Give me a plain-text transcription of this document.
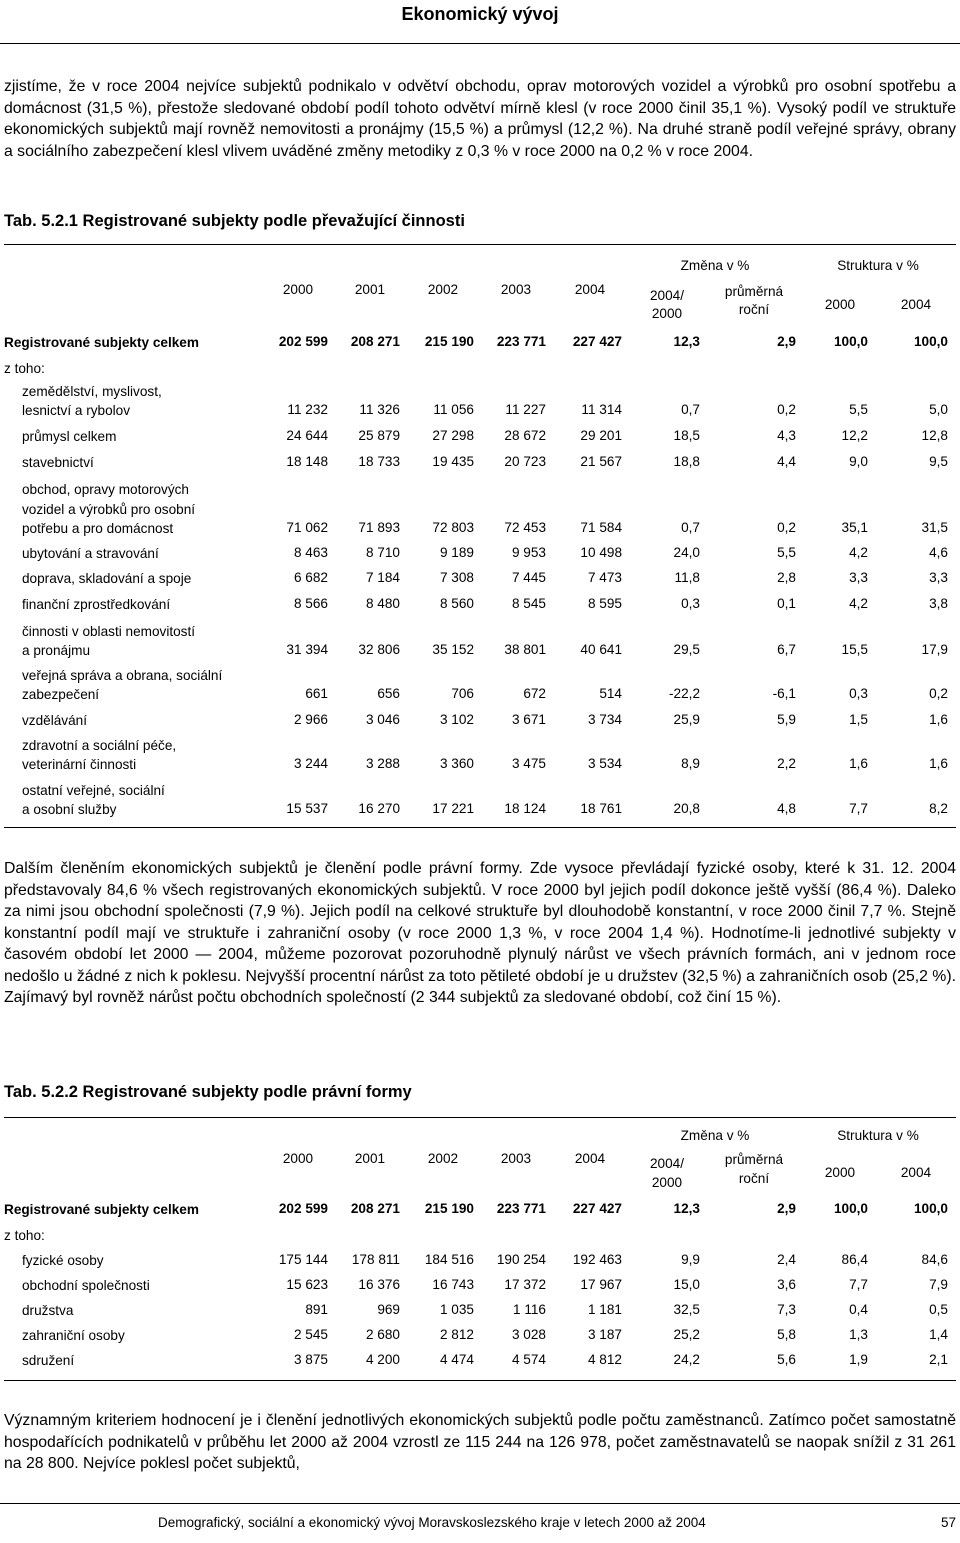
Ekonomický vývoj
zjistíme, že v roce 2004 nejvíce subjektů podnikalo v odvětví obchodu, oprav motorových vozidel a výrobků pro osobní spotřebu a domácnost (31,5 %), přestože sledované období podíl tohoto odvětví mírně klesl (v roce 2000 činil 35,1 %). Vysoký podíl ve struktuře ekonomických subjektů mají rovněž nemovitosti a pronájmy (15,5 %) a průmysl (12,2 %). Na druhé straně podíl veřejné správy, obrany a sociálního zabezpečení klesl vlivem uváděné změny metodiky z 0,3 % v roce 2000 na 0,2 % v roce 2004.
Tab. 5.2.1 Registrované subjekty podle převažující činnosti
2000	2001	2002	2003	2004
Změna v %	Struktura v %
2004/
2000
průměrná
roční	2000	2004
Registrované subjekty celkem	202 599	208 271	215 190	223 771	227 427	12,3	2,9	100,0	100,0
z toho:
zemědělství, myslivost,
lesnictví a rybolov	11 232	11 326	11 056	11 227	11 314	0,7	0,2	5,5	5,0
průmysl celkem	24 644	25 879	27 298	28 672	29 201	18,5	4,3	12,2	12,8
stavebnictví	18 148	18 733	19 435	20 723	21 567	18,8	4,4	9,0	9,5
obchod, opravy motorových
vozidel a výrobků pro osobní
potřebu a pro domácnost	71 062	71 893	72 803	72 453	71 584	0,7	0,2	35,1	31,5
ubytování a stravování	8 463	8 710	9 189	9 953	10 498	24,0	5,5	4,2	4,6
doprava, skladování a spoje	6 682	7 184	7 308	7 445	7 473	11,8	2,8	3,3	3,3
finanční zprostředkování	8 566	8 480	8 560	8 545	8 595	0,3	0,1	4,2	3,8
činnosti v oblasti nemovitostí
a pronájmu	31 394	32 806	35 152	38 801	40 641	29,5	6,7	15,5	17,9
veřejná správa a obrana, sociální
zabezpečení	661	656	706	672	514	-22,2	-6,1	0,3	0,2
vzdělávání	2 966	3 046	3 102	3 671	3 734	25,9	5,9	1,5	1,6
zdravotní a sociální péče,
veterinární činnosti	3 244	3 288	3 360	3 475	3 534	8,9	2,2	1,6	1,6
ostatní veřejné, sociální
a osobní služby	15 537	16 270	17 221	18 124	18 761	20,8	4,8	7,7	8,2
Dalším členěním ekonomických subjektů je členění podle právní formy. Zde vysoce převládají fyzické osoby, které k 31. 12. 2004 představovaly 84,6 % všech registrovaných ekonomických subjektů. V roce 2000 byl jejich podíl dokonce ještě vyšší (86,4 %). Daleko za nimi jsou obchodní společnosti (7,9 %). Jejich podíl na celkové struktuře byl dlouhodobě konstantní, v roce 2000 činil 7,7 %. Stejně konstantní podíl mají ve struktuře i zahraniční osoby (v roce 2000 1,3 %, v roce 2004 1,4 %). Hodnotíme-li jednotlivé subjekty v časovém období let 2000 — 2004, můžeme pozorovat pozoruhodně plynulý nárůst ve všech právních formách, ani v jednom roce nedošlo u žádné z nich k poklesu. Nejvyšší procentní nárůst za toto pětileté období je u družstev (32,5 %) a zahraničních osob (25,2 %). Zajímavý byl rovněž nárůst počtu obchodních společností (2 344 subjektů za sledované období, což činí 15 %).
Tab. 5.2.2 Registrované subjekty podle právní formy
2000	2001	2002	2003	2004
Změna v %	Struktura v %
2004/
2000
průměrná
roční	2000	2004
Registrované subjekty celkem	202 599	208 271	215 190	223 771	227 427	12,3	2,9	100,0	100,0
z toho:
fyzické osoby	175 144	178 811	184 516	190 254	192 463	9,9	2,4	86,4	84,6
obchodní společnosti	15 623	16 376	16 743	17 372	17 967	15,0	3,6	7,7	7,9
družstva	891	969	1 035	1 116	1 181	32,5	7,3	0,4	0,5
zahraniční osoby	2 545	2 680	2 812	3 028	3 187	25,2	5,8	1,3	1,4
sdružení	3 875	4 200	4 474	4 574	4 812	24,2	5,6	1,9	2,1
Významným kriteriem hodnocení je i členění jednotlivých ekonomických subjektů podle počtu zaměstnanců. Zatímco počet samostatně hospodařících podnikatelů v průběhu let 2000 až 2004 vzrostl ze 115 244 na 126 978, počet zaměstnavatelů se naopak snížil z 31 261 na 28 800. Nejvíce poklesl počet subjektů,
Demografický, sociální a ekonomický vývoj Moravskoslezského kraje v letech 2000 až 2004	57
